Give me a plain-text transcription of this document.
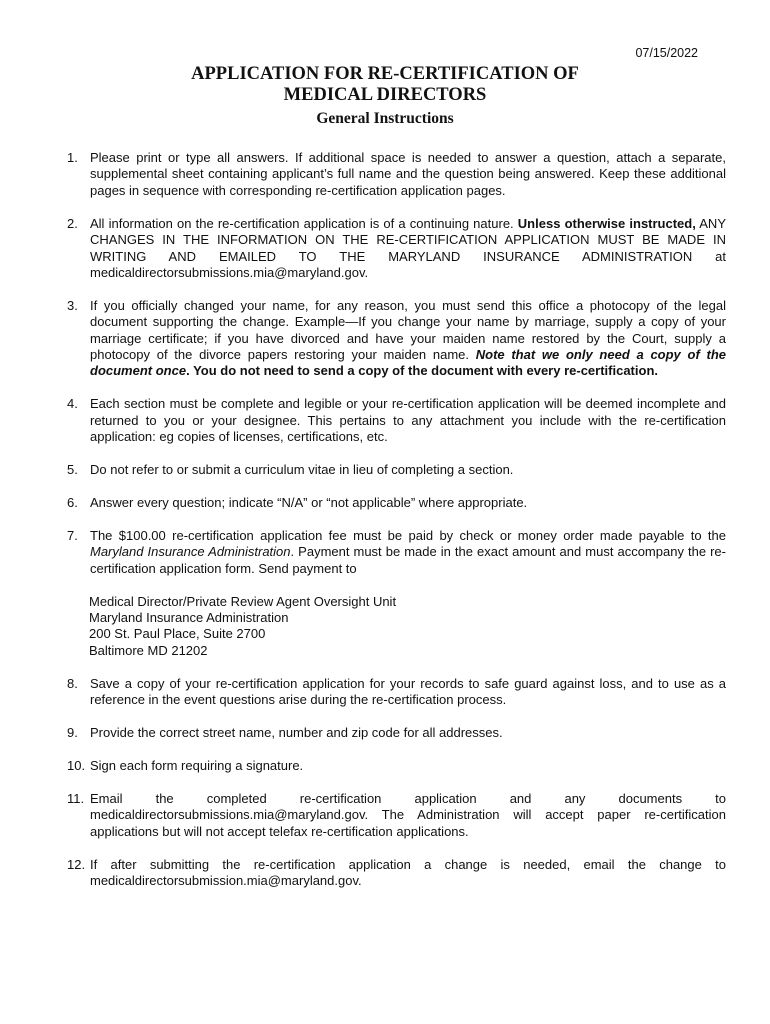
07/15/2022
APPLICATION FOR RE-CERTIFICATION OF
MEDICAL DIRECTORS
General Instructions
1. Please print or type all answers. If additional space is needed to answer a question, attach a separate, supplemental sheet containing applicant’s full name and the question being answered. Keep these additional pages in sequence with corresponding re-certification application pages.
2. All information on the re-certification application is of a continuing nature. Unless otherwise instructed, ANY CHANGES IN THE INFORMATION ON THE RE-CERTIFICATION APPLICATION MUST BE MADE IN WRITING AND EMAILED TO THE MARYLAND INSURANCE ADMINISTRATION at medicaldirectorsubmissions.mia@maryland.gov.
3. If you officially changed your name, for any reason, you must send this office a photocopy of the legal document supporting the change. Example—If you change your name by marriage, supply a copy of your marriage certificate; if you have divorced and have your maiden name restored by the Court, supply a photocopy of the divorce papers restoring your maiden name. Note that we only need a copy of the document once. You do not need to send a copy of the document with every re-certification.
4. Each section must be complete and legible or your re-certification application will be deemed incomplete and returned to you or your designee. This pertains to any attachment you include with the re-certification application: eg copies of licenses, certifications, etc.
5. Do not refer to or submit a curriculum vitae in lieu of completing a section.
6. Answer every question; indicate “N/A” or “not applicable” where appropriate.
7. The $100.00 re-certification application fee must be paid by check or money order made payable to the Maryland Insurance Administration. Payment must be made in the exact amount and must accompany the re-certification application form. Send payment to
Medical Director/Private Review Agent Oversight Unit
Maryland Insurance Administration
200 St. Paul Place, Suite 2700
Baltimore MD 21202
8. Save a copy of your re-certification application for your records to safe guard against loss, and to use as a reference in the event questions arise during the re-certification process.
9. Provide the correct street name, number and zip code for all addresses.
10. Sign each form requiring a signature.
11. Email the completed re-certification application and any documents to
medicaldirectorsubmissions.mia@maryland.gov. The Administration will accept paper re-certification applications but will not accept telefax re-certification applications.
12. If after submitting the re-certification application a change is needed, email the change to medicaldirectorsubmission.mia@maryland.gov.
